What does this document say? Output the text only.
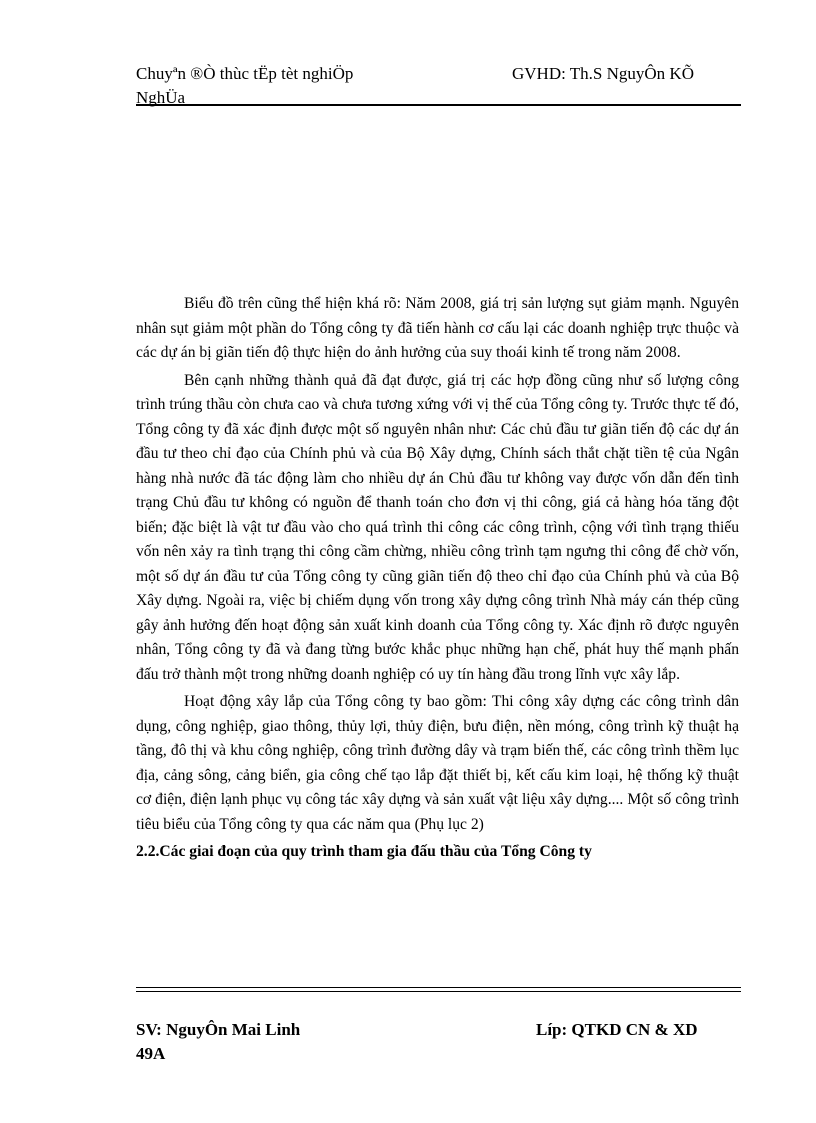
Chuyªn ®Ò thùc tËp tèt nghiÖp
NghÜa
GVHD: Th.S NguyÔn KÕ

Biểu đồ trên cũng thể hiện khá rõ: Năm 2008, giá trị sản lượng sụt giảm mạnh. Nguyên nhân sụt giảm một phần do Tổng công ty đã tiến hành cơ cấu lại các doanh nghiệp trực thuộc và các dự án bị giãn tiến độ thực hiện do ảnh hưởng của suy thoái kinh tế trong năm 2008.

Bên cạnh những thành quả đã đạt được, giá trị các hợp đồng cũng như số lượng công trình trúng thầu còn chưa cao và chưa tương xứng với vị thế của Tổng công ty. Trước thực tế đó, Tổng công ty đã xác định được một số nguyên nhân như: Các chủ đầu tư giãn tiến độ các dự án đầu tư theo chỉ đạo của Chính phủ và của Bộ Xây dựng, Chính sách thắt chặt tiền tệ của Ngân hàng nhà nước đã tác động làm cho nhiều dự án Chủ đầu tư không vay được vốn dẫn đến tình trạng Chủ đầu tư không có nguồn để thanh toán cho đơn vị thi công, giá cả hàng hóa tăng đột biến; đặc biệt là vật tư đầu vào cho quá trình thi công các công trình, cộng với tình trạng thiếu vốn nên xảy ra tình trạng thi công cầm chừng, nhiều công trình tạm ngưng thi công để chờ vốn, một số dự án đầu tư của Tổng công ty cũng giãn tiến độ theo chỉ đạo của Chính phủ và của Bộ Xây dựng. Ngoài ra, việc bị chiếm dụng vốn trong xây dựng công trình Nhà máy cán thép cũng gây ảnh hưởng đến hoạt động sản xuất kinh doanh của Tổng công ty. Xác định rõ được nguyên nhân, Tổng công ty đã và đang từng bước khắc phục những hạn chế, phát huy thế mạnh phấn đấu trở thành một trong những doanh nghiệp có uy tín hàng đầu trong lĩnh vực xây lắp.

Hoạt động xây lắp của Tổng công ty bao gồm: Thi công xây dựng các công trình dân dụng, công nghiệp, giao thông, thủy lợi, thủy điện, bưu điện, nền móng, công trình kỹ thuật hạ tầng, đô thị và khu công nghiệp, công trình đường dây và trạm biến thế, các công trình thềm lục địa, cảng sông, cảng biển, gia công chế tạo lắp đặt thiết bị, kết cấu kim loại, hệ thống kỹ thuật cơ điện, điện lạnh phục vụ công tác xây dựng và sản xuất vật liệu xây dựng.... Một số công trình tiêu biểu của Tổng công ty qua các năm qua (Phụ lục 2)

2.2.Các giai đoạn của quy trình tham gia đấu thầu của Tổng Công ty

SV: NguyÔn Mai Linh
49A
Líp: QTKD CN & XD
